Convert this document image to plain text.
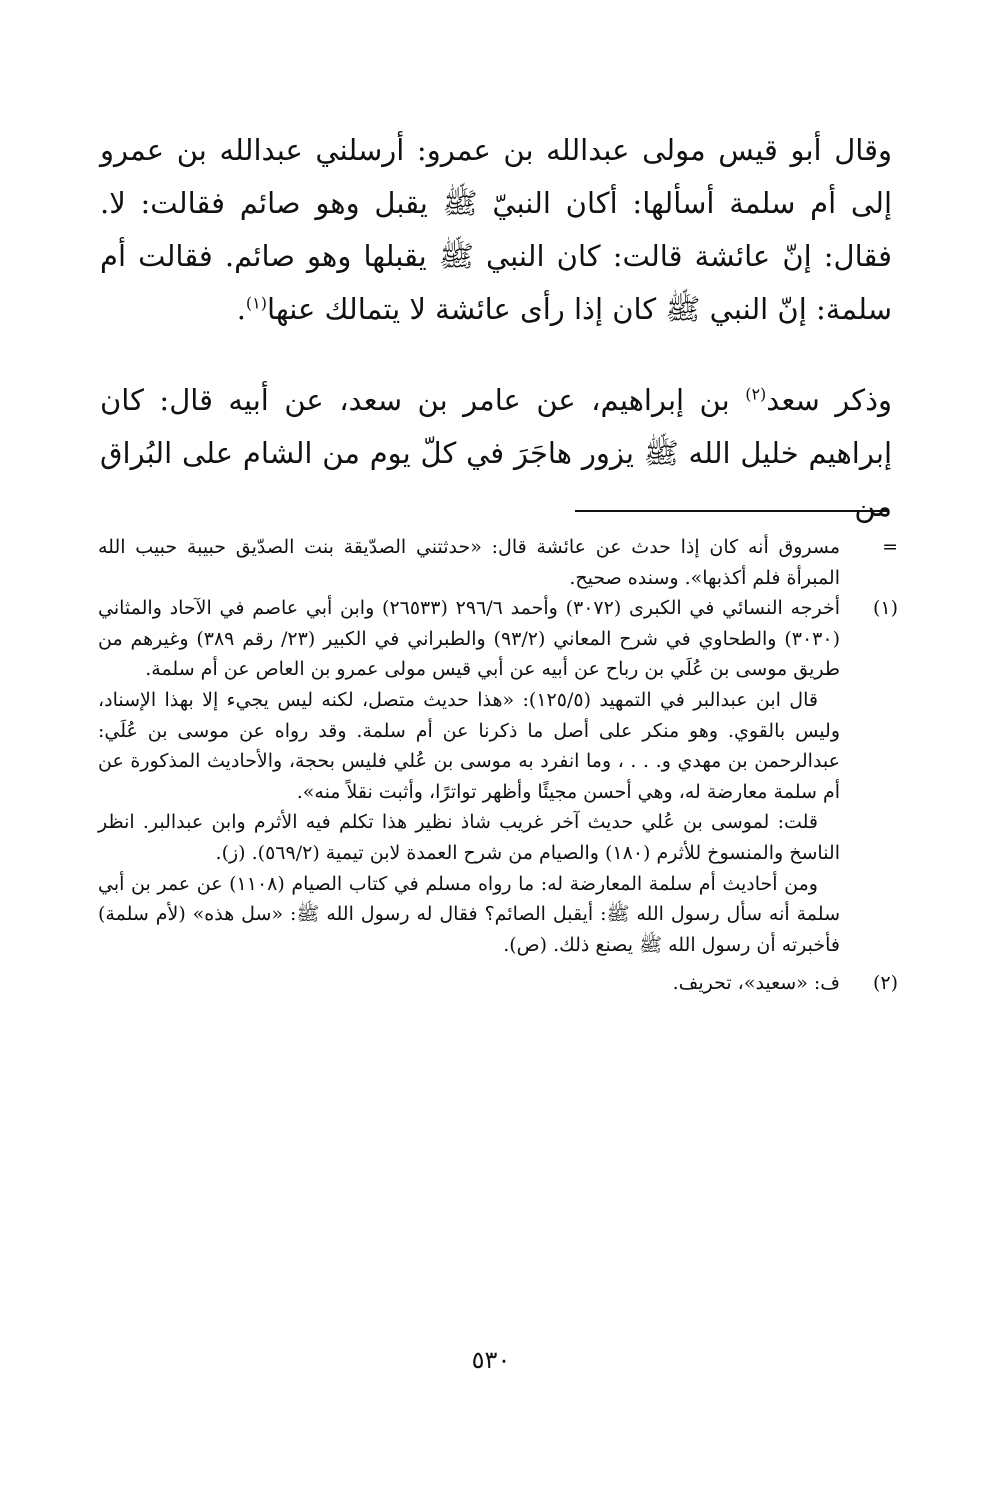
وقال أبو قيس مولى عبدالله بن عمرو: أرسلني عبدالله بن عمرو إلى أم سلمة أسألها: أكان النبيّ ﷺ يقبل وهو صائم فقالت: لا. فقال: إنّ عائشة قالت: كان النبي ﷺ يقبلها وهو صائم. فقالت أم سلمة: إنّ النبي ﷺ كان إذا رأى عائشة لا يتمالك عنها$^{(١)}$.

وذكر سعد$^{(٢)}$ بن إبراهيم، عن عامر بن سعد، عن أبيه قال: كان إبراهيم خليل الله ﷺ يزور هاجَرَ في كلّ يوم من الشام على البُراق من

=
مسروق أنه كان إذا حدث عن عائشة قال: «حدثتني الصدّيقة بنت الصدّيق حبيبة حبيب الله المبرأة فلم أكذبها». وسنده صحيح.
(١)
أخرجه النسائي في الكبرى (٣٠٧٢) وأحمد ٢٩٦/٦ (٢٦٥٣٣) وابن أبي عاصم في الآحاد والمثاني (٣٠٣٠) والطحاوي في شرح المعاني (٩٣/٢) والطبراني في الكبير (٢٣/ رقم ٣٨٩) وغيرهم من طريق موسى بن عُلَي بن رباح عن أبيه عن أبي قيس مولى عمرو بن العاص عن أم سلمة.

قال ابن عبدالبر في التمهيد (١٢٥/٥): «هذا حديث متصل، لكنه ليس يجيء إلا بهذا الإسناد، وليس بالقوي. وهو منكر على أصل ما ذكرنا عن أم سلمة. وقد رواه عن موسى بن عُلَي: عبدالرحمن بن مهدي و. . . ، وما انفرد به موسى بن عُلي فليس بحجة، والأحاديث المذكورة عن أم سلمة معارضة له، وهي أحسن مجيئًا وأظهر تواترًا، وأثبت نقلاً منه».

قلت: لموسى بن عُلي حديث آخر غريب شاذ نظير هذا تكلم فيه الأثرم وابن عبدالبر. انظر الناسخ والمنسوخ للأثرم (١٨٠) والصيام من شرح العمدة لابن تيمية (٥٦٩/٢). (ز).

ومن أحاديث أم سلمة المعارضة له: ما رواه مسلم في كتاب الصيام (١١٠٨) عن عمر بن أبي سلمة أنه سأل رسول الله ﷺ: أيقبل الصائم؟ فقال له رسول الله ﷺ: «سل هذه» (لأم سلمة) فأخبرته أن رسول الله ﷺ يصنع ذلك. (ص).

(٢)
ف: «سعيد»، تحريف.
٥٣٠
